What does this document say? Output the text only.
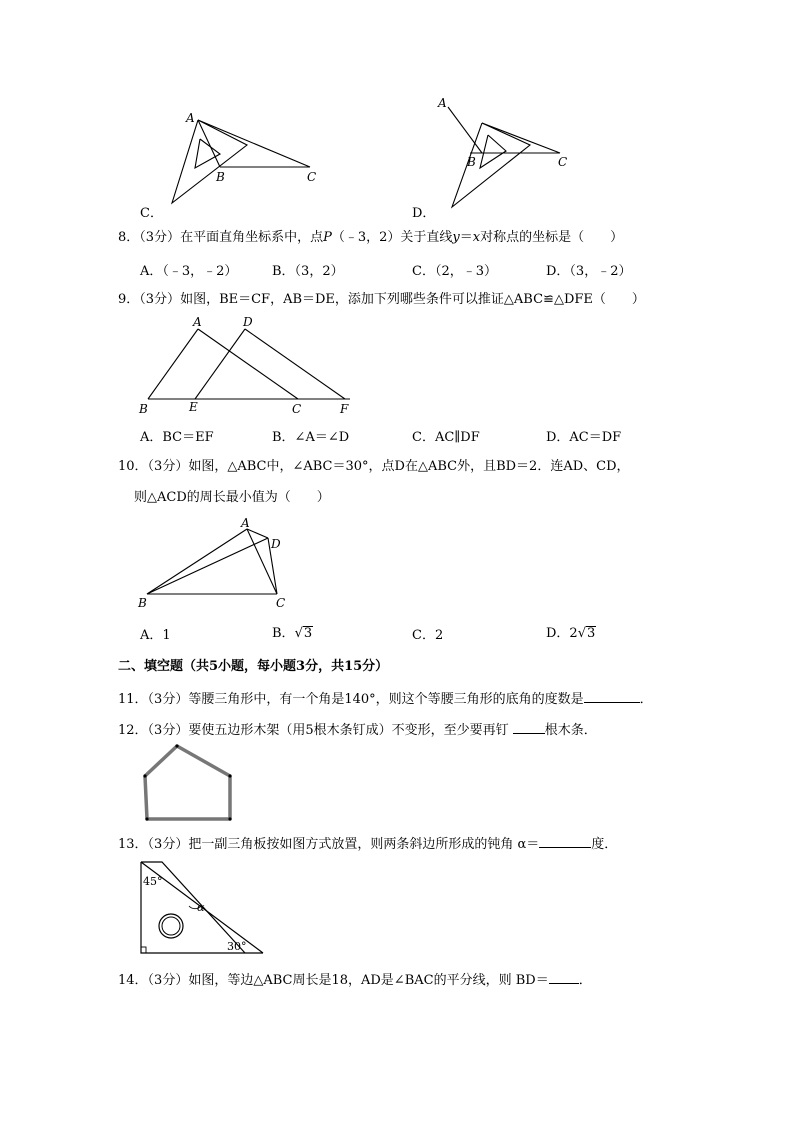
A
B	C
C．
A
B	C
D．
8．（3分）在平面直角坐标系中，点P（﹣3，2）关于直线y＝x对称点的坐标是（　　）
A．（﹣3，﹣2）	B．（3，2）	C．（2，﹣3）	D．（3，﹣2）
9．（3分）如图，BE＝CF，AB＝DE，添加下列哪些条件可以推证△ABC≌△DFE（　　）
A	D
B	E	C	F
A．BC＝EF	B．∠A＝∠D	C．AC∥DF	D．AC＝DF
10．（3分）如图，△ABC中，∠ABC＝30°，点D在△ABC外，且BD＝2．连AD、CD，
则△ACD的周长最小值为（　　）
A
D
B	C
A．1	B．√3	C．2	D．2√3
二、填空题（共5小题，每小题3分，共15分）
11．（3分）等腰三角形中，有一个角是140°，则这个等腰三角形的底角的度数是	．
12．（3分）要使五边形木架（用5根木条钉成）不变形，至少要再钉	根木条．
13．（3分）把一副三角板按如图方式放置，则两条斜边所形成的钝角 α＝	度．
45°
α
30°
14．（3分）如图，等边△ABC周长是18，AD是∠BAC的平分线，则 BD＝ ．
